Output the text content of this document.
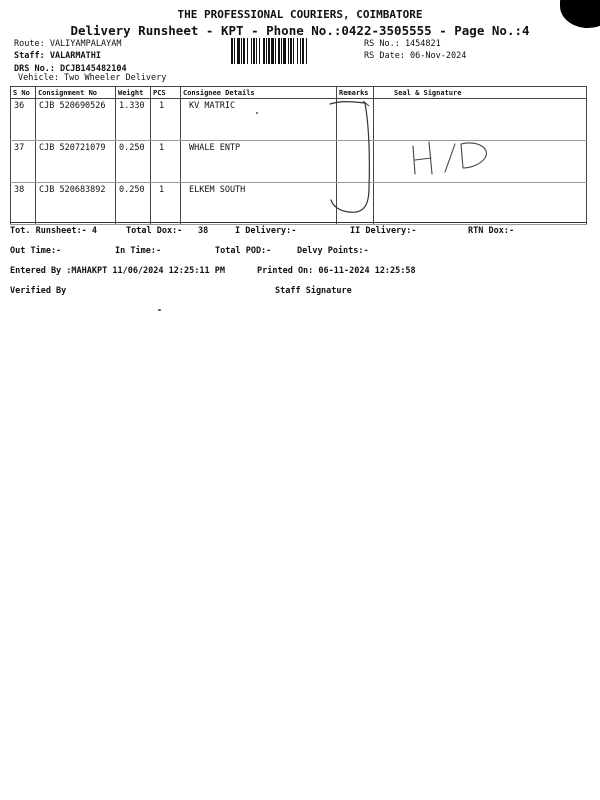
THE PROFESSIONAL COURIERS, COIMBATORE
Delivery Runsheet - KPT - Phone No.:0422-3505555 - Page No.:4
Route: VALIYAMPALAYAM
Staff: VALARMATHI
DRS No.: DCJB145482104
Vehicle: Two Wheeler Delivery
RS No.: 1454821
RS Date: 06-Nov-2024
S No	Consignment No	Weight	PCS	Consignee Details	Remarks	Seal & Signature
36	CJB 520690526	1.330	1	KV MATRIC		
37	CJB 520721079	0.250	1	WHALE ENTP		
38	CJB 520683892	0.250	1	ELKEM SOUTH		
Tot. Runsheet:- 4	Total Dox:- 38	I Delivery:-	II Delivery:-	RTN Dox:-
Out Time:-	In Time:-	Total POD:-	Delvy Points:-
Entered By :MAHAKPT 11/06/2024 12:25:11 PM	Printed On: 06-11-2024 12:25:58
Verified By	Staff Signature
